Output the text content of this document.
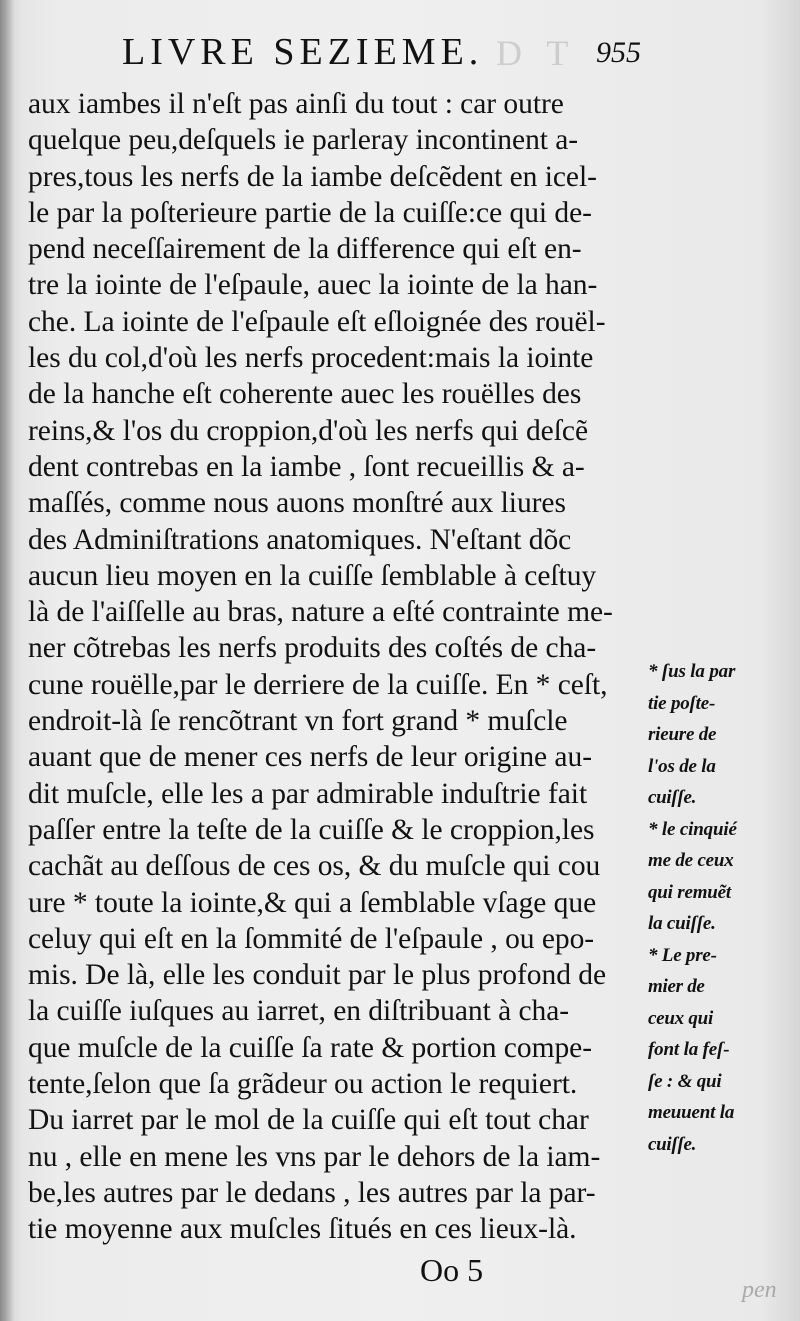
D T
LIVRE SEZIEME.	955
aux iambes il n'eſt pas ainſi du tout : car outre
quelque peu,deſquels ie parleray incontinent a-
pres,tous les nerfs de la iambe deſcẽdent en icel-
le par la poſterieure partie de la cuiſſe:ce qui de-
pend neceſſairement de la difference qui eſt en-
tre la iointe de l'eſpaule, auec la iointe de la han-
che. La iointe de l'eſpaule eſt eſloignée des rouël-
les du col,d'où les nerfs procedent:mais la iointe
de la hanche eſt coherente auec les rouëlles des
reins,& l'os du croppion,d'où les nerfs qui deſcẽ
dent contrebas en la iambe , ſont recueillis & a-
maſſés, comme nous auons monſtré aux liures
des Adminiſtrations anatomiques. N'eſtant dõc
aucun lieu moyen en la cuiſſe ſemblable à ceſtuy
là de l'aiſſelle au bras, nature a eſté contrainte me-
ner cõtrebas les nerfs produits des coſtés de cha-
cune rouëlle,par le derriere de la cuiſſe. En * ceſt,
endroit-là ſe rencõtrant vn fort grand * muſcle
auant que de mener ces nerfs de leur origine au-
dit muſcle, elle les a par admirable induſtrie fait
paſſer entre la teſte de la cuiſſe & le croppion,les
cachãt au deſſous de ces os, & du muſcle qui cou
ure * toute la iointe,& qui a ſemblable vſage que
celuy qui eſt en la ſommité de l'eſpaule , ou epo-
mis. De là, elle les conduit par le plus profond de
la cuiſſe iuſques au iarret, en diſtribuant à cha-
que muſcle de la cuiſſe ſa rate & portion compe-
tente,ſelon que ſa grãdeur ou action le requiert.
Du iarret par le mol de la cuiſſe qui eſt tout char
nu , elle en mene les vns par le dehors de la iam-
be,les autres par le dedans , les autres par la par-
tie moyenne aux muſcles ſitués en ces lieux-là.
* ſus la par
tie poſte-
rieure de
l'os de la
cuiſſe.
* le cinquié
me de ceux
qui remuẽt
la cuiſſe.
* Le pre-
mier de
ceux qui
font la feſ-
ſe : & qui
meuuent la
cuiſſe.
Oo 5
pen
